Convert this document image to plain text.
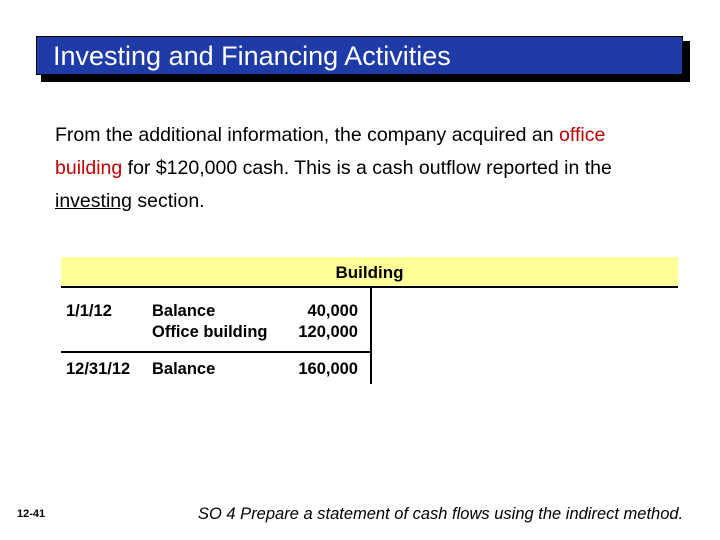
Investing and Financing Activities
From the additional information, the company acquired an office building for $120,000 cash. This is a cash outflow reported in the investing section.
Building
1/1/12 Balance	40,000
Office building	120,000
12/31/12 Balance	160,000
12-41	SO 4 Prepare a statement of cash flows using the indirect method.
